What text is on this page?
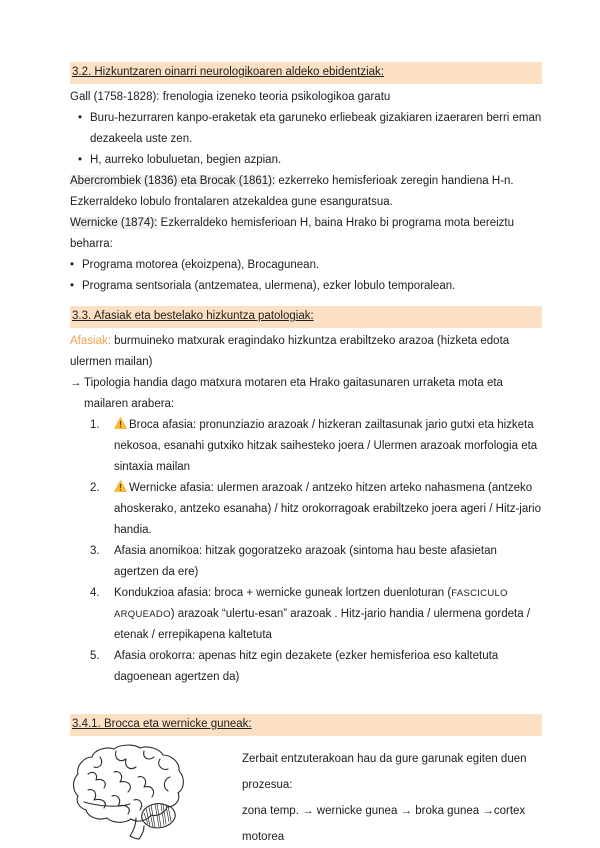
3.2. Hizkuntzaren oinarri neurologikoaren aldeko ebidentziak:

Gall (1758-1828): frenologia izeneko teoria psikologikoa garatu

• Buru-hezurraren kanpo-eraketak eta garuneko erliebeak gizakiaren izaeraren berri eman dezakeela uste zen.
• H, aurreko lobuluetan, begien azpian.

Abercrombiek (1836) eta Brocak (1861): ezkerreko hemisferioak zeregin handiena H-n. Ezkerraldeko lobulo frontalaren atzekaldea gune esanguratsua.

Wernicke (1874): Ezkerraldeko hemisferioan H, baina Hrako bi programa mota bereiztu beharra:

• Programa motorea (ekoizpena), Brocagunean.
• Programa sentsoriala (antzematea, ulermena), ezker lobulo temporalean.
3.3. Afasiak eta bestelako hizkuntza patologiak:

Afasiak: burmuineko matxurak eragindako hizkuntza erabiltzeko arazoa (hizketa edota ulermen mailan)

→ Tipologia handia dago matxura motaren eta Hrako gaitasunaren urraketa mota eta mailaren arabera:
1.	Broca afasia: pronunziazio arazoak / hizkeran zailtasunak jario gutxi eta hizketa nekosoa, esanahi gutxiko hitzak saihesteko joera / Ulermen arazoak morfologia eta sintaxia mailan
2.	Wernicke afasia: ulermen arazoak / antzeko hitzen arteko nahasmena (antzeko ahoskerako, antzeko esanaha) / hitz orokorragoak erabiltzeko joera ageri / Hitz-jario handia.
3.	Afasia anomikoa: hitzak gogoratzeko arazoak (sintoma hau beste afasietan agertzen da ere)
4.	Kondukzioa afasia: broca + wernicke guneak lortzen duenloturan (FASCICULO ARQUEADO) arazoak “ulertu-esan” arazoak . Hitz-jario handia / ulermena gordeta / etenak / errepikapena kaltetuta
5.	Afasia orokorra: apenas hitz egin dezakete (ezker hemisferioa eso kaltetuta dagoenean agertzen da)
3.4.1. Brocca eta wernicke guneak:

Zerbait entzuterakoan hau da gure garunak egiten duen prozesua:

zona temp. → wernicke gunea → broka gunea →cortex motorea
